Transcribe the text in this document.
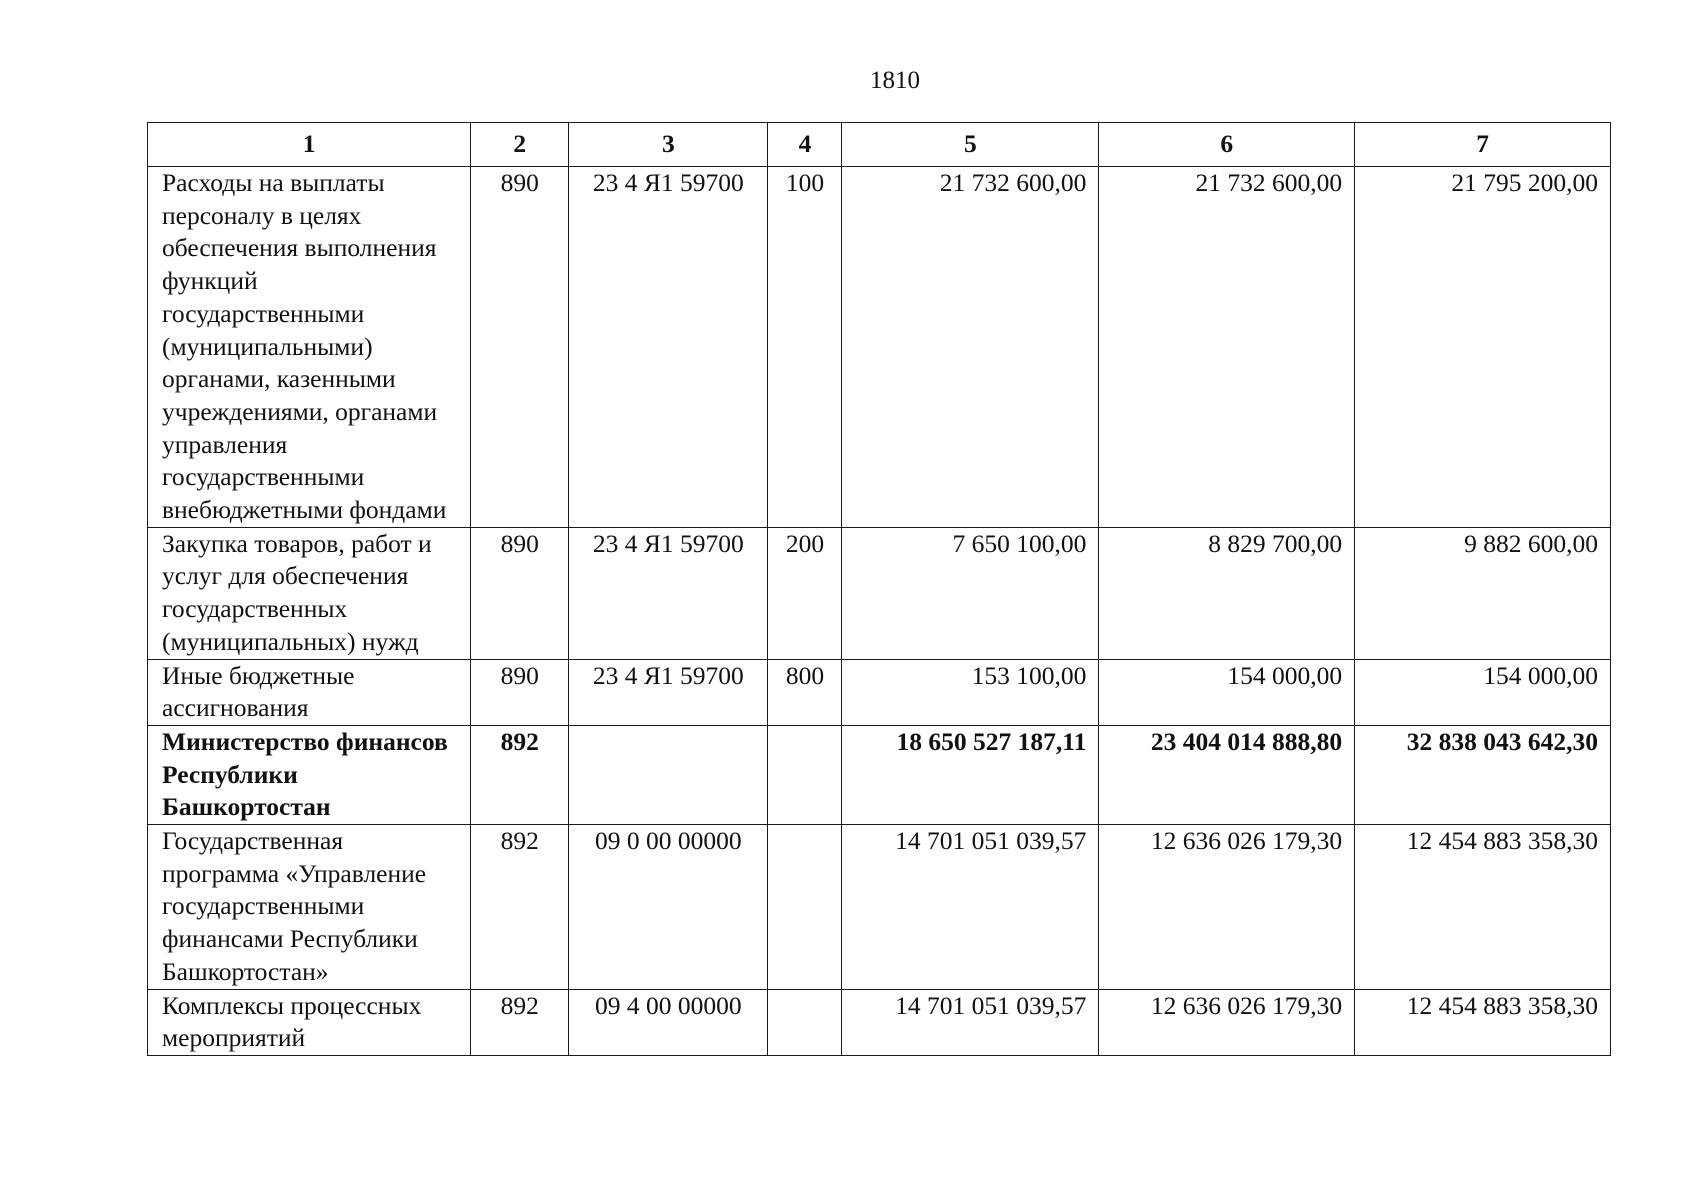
1810
1	2	3	4	5	6	7
Расходы на выплаты персоналу в целях обеспечения выполнения функций государственными (муниципальными) органами, казенными учреждениями, органами управления государственными внебюджетными фондами	890	23 4 Я1 59700	100	21 732 600,00	21 732 600,00	21 795 200,00
Закупка товаров, работ и услуг для обеспечения государственных (муниципальных) нужд	890	23 4 Я1 59700	200	7 650 100,00	8 829 700,00	9 882 600,00
Иные бюджетные ассигнования	890	23 4 Я1 59700	800	153 100,00	154 000,00	154 000,00
Министерство финансов Республики Башкортостан	892			18 650 527 187,11	23 404 014 888,80	32 838 043 642,30
Государственная программа «Управление государственными финансами Республики Башкортостан»	892	09 0 00 00000		14 701 051 039,57	12 636 026 179,30	12 454 883 358,30
Комплексы процессных мероприятий	892	09 4 00 00000		14 701 051 039,57	12 636 026 179,30	12 454 883 358,30
